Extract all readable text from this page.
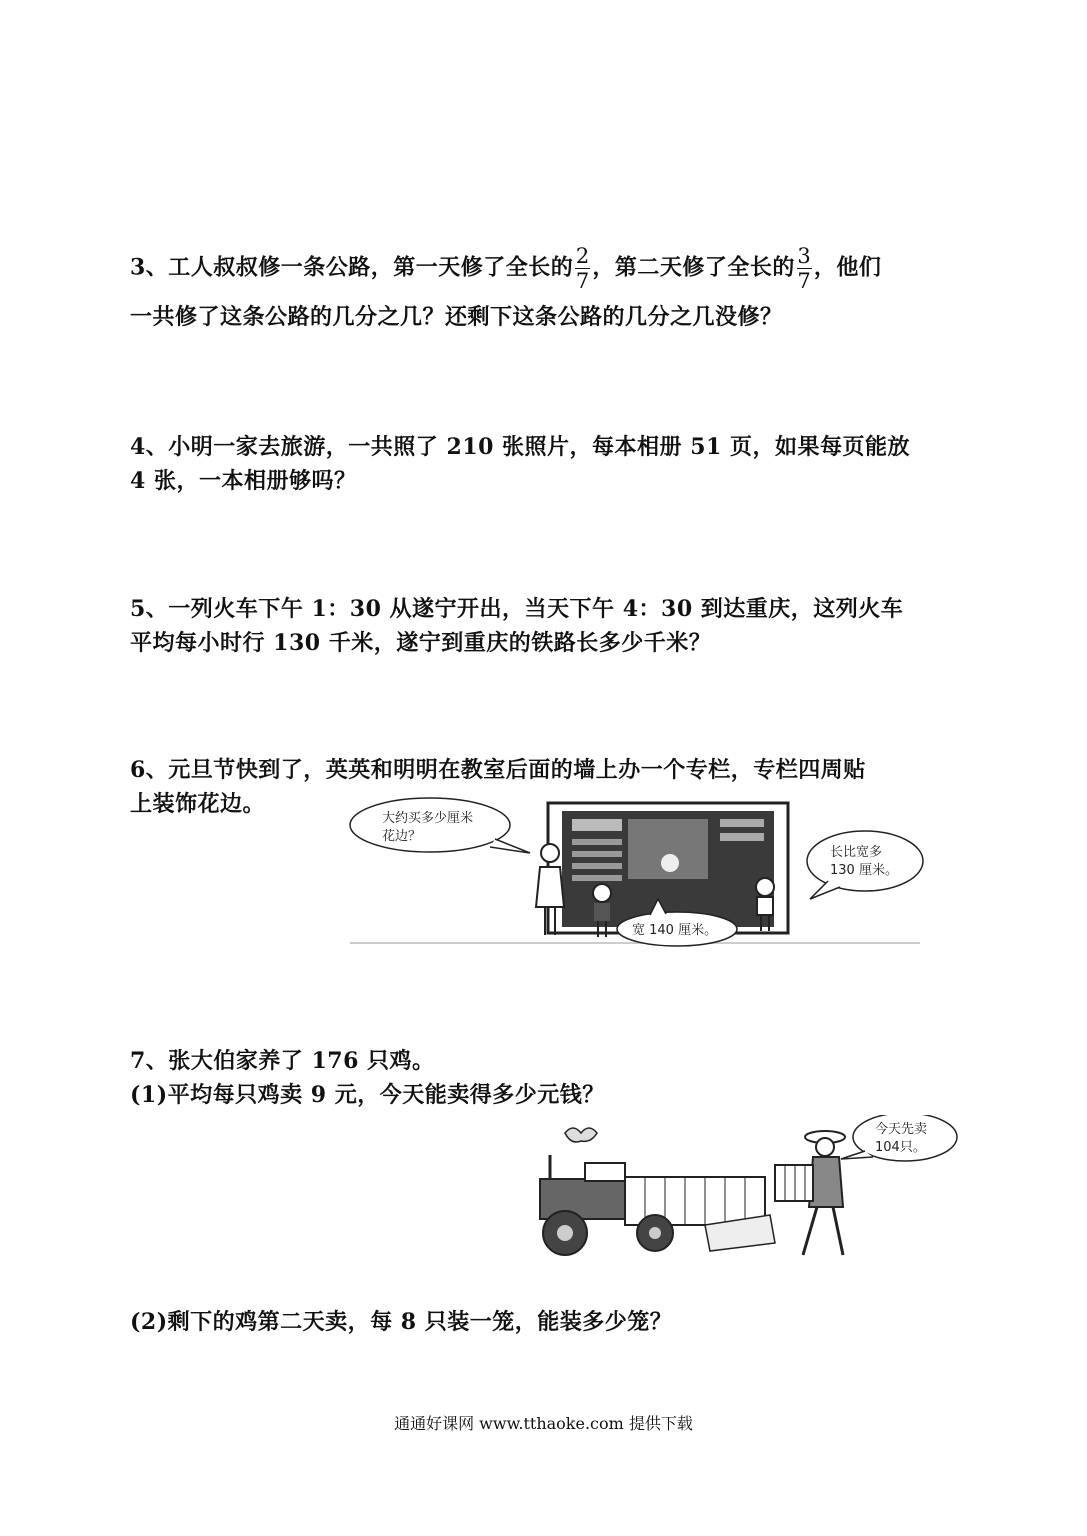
3、工人叔叔修一条公路，第一天修了全长的 $\frac{2}{7}$ ，第二天修了全长的 $\frac{3}{7}$ ，他们
一共修了这条公路的几分之几？还剩下这条公路的几分之几没修？
4、小明一家去旅游，一共照了 210 张照片，每本相册 51 页，如果每页能放
4 张，一本相册够吗？
5、一列火车下午 1：30 从遂宁开出，当天下午 4：30 到达重庆，这列火车
平均每小时行 130 千米，遂宁到重庆的铁路长多少千米？
6、元旦节快到了，英英和明明在教室后面的墙上办一个专栏，专栏四周贴
上装饰花边。
大约买多少厘米
花边？
长比宽多
130 厘米。
宽 140 厘米。
7、张大伯家养了 176 只鸡。
(1)平均每只鸡卖 9 元，今天能卖得多少元钱？
今天先卖
104只。
(2)剩下的鸡第二天卖，每 8 只装一笼，能装多少笼？
通通好课网 www.tthaoke.com 提供下载
